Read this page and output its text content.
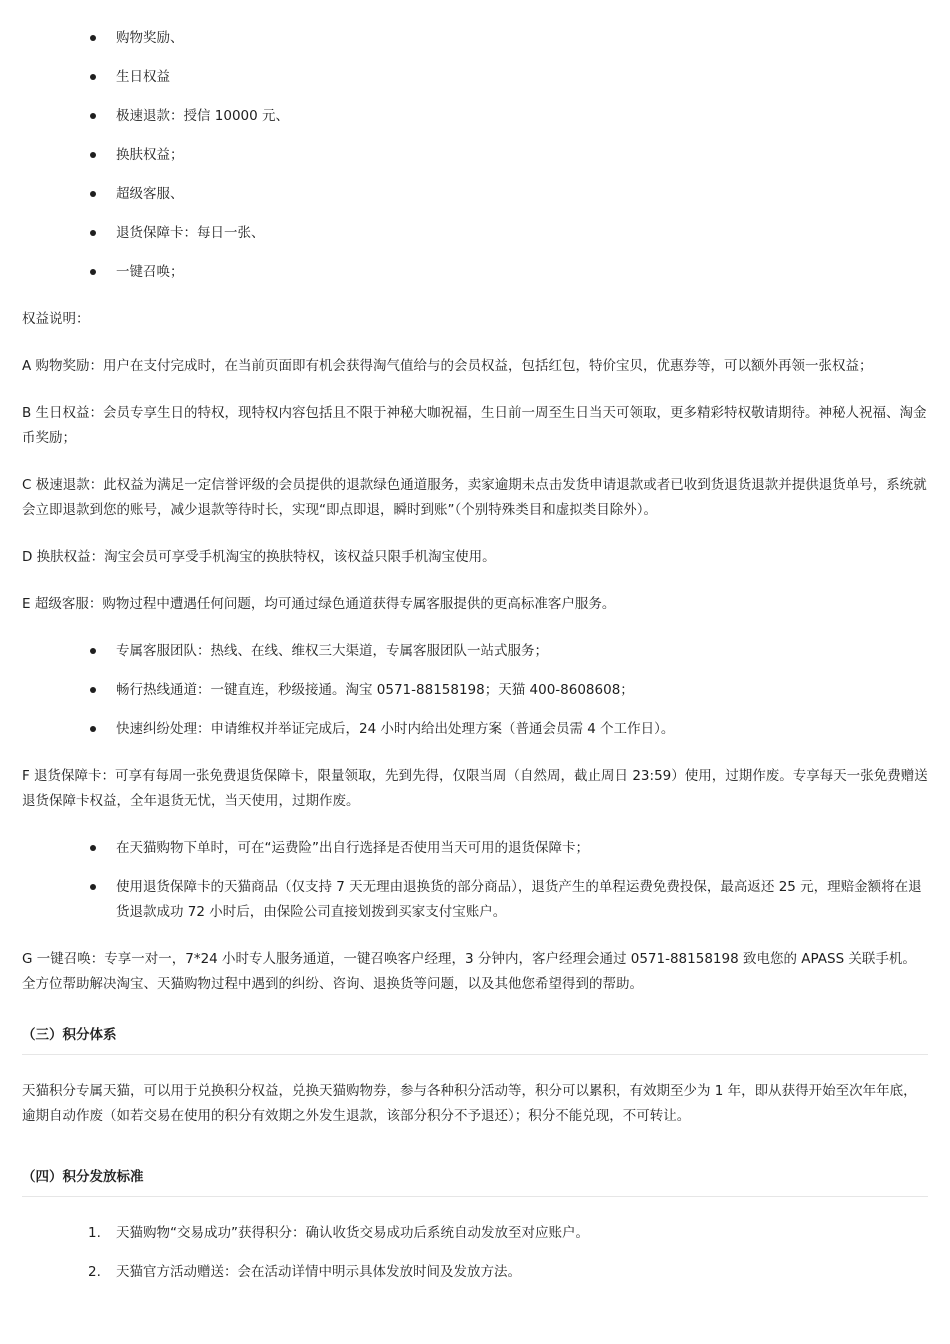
购物奖励、
生日权益
极速退款：授信 10000 元、
换肤权益；
超级客服、
退货保障卡：每日一张、
一键召唤；

权益说明：

A 购物奖励：用户在支付完成时，在当前页面即有机会获得淘气值给与的会员权益，包括红包，特价宝贝，优惠券等，可以额外再领一张权益；

B 生日权益：会员专享生日的特权，现特权内容包括且不限于神秘大咖祝福，生日前一周至生日当天可领取，更多精彩特权敬请期待。神秘人祝福、淘金币奖励；

C 极速退款：此权益为满足一定信誉评级的会员提供的退款绿色通道服务，卖家逾期未点击发货申请退款或者已收到货退货退款并提供退货单号，系统就会立即退款到您的账号，减少退款等待时长，实现“即点即退，瞬时到账”（个别特殊类目和虚拟类目除外）。

D 换肤权益：淘宝会员可享受手机淘宝的换肤特权，该权益只限手机淘宝使用。

E 超级客服：购物过程中遭遇任何问题，均可通过绿色通道获得专属客服提供的更高标准客户服务。

专属客服团队：热线、在线、维权三大渠道，专属客服团队一站式服务；
畅行热线通道：一键直连，秒级接通。淘宝 0571-88158198；天猫 400-8608608；
快速纠纷处理：申请维权并举证完成后，24 小时内给出处理方案（普通会员需 4 个工作日）。

F 退货保障卡：可享有每周一张免费退货保障卡，限量领取，先到先得，仅限当周（自然周，截止周日 23:59）使用，过期作废。专享每天一张免费赠送退货保障卡权益，全年退货无忧，当天使用，过期作废。

在天猫购物下单时，可在“运费险”出自行选择是否使用当天可用的退货保障卡；
使用退货保障卡的天猫商品（仅支持 7 天无理由退换货的部分商品），退货产生的单程运费免费投保，最高返还 25 元，理赔金额将在退货退款成功 72 小时后，由保险公司直接划拨到买家支付宝账户。

G 一键召唤：专享一对一，7*24 小时专人服务通道，一键召唤客户经理，3 分钟内，客户经理会通过 0571-88158198 致电您的 APASS 关联手机。全方位帮助解决淘宝、天猫购物过程中遇到的纠纷、咨询、退换货等问题，以及其他您希望得到的帮助。

（三）积分体系

天猫积分专属天猫，可以用于兑换积分权益，兑换天猫购物券，参与各种积分活动等，积分可以累积，有效期至少为 1 年，即从获得开始至次年年底，逾期自动作废（如若交易在使用的积分有效期之外发生退款，该部分积分不予退还）；积分不能兑现，不可转让。

（四）积分发放标准
1. 天猫购物“交易成功”获得积分：确认收货交易成功后系统自动发放至对应账户。
2. 天猫官方活动赠送：会在活动详情中明示具体发放时间及发放方法。
